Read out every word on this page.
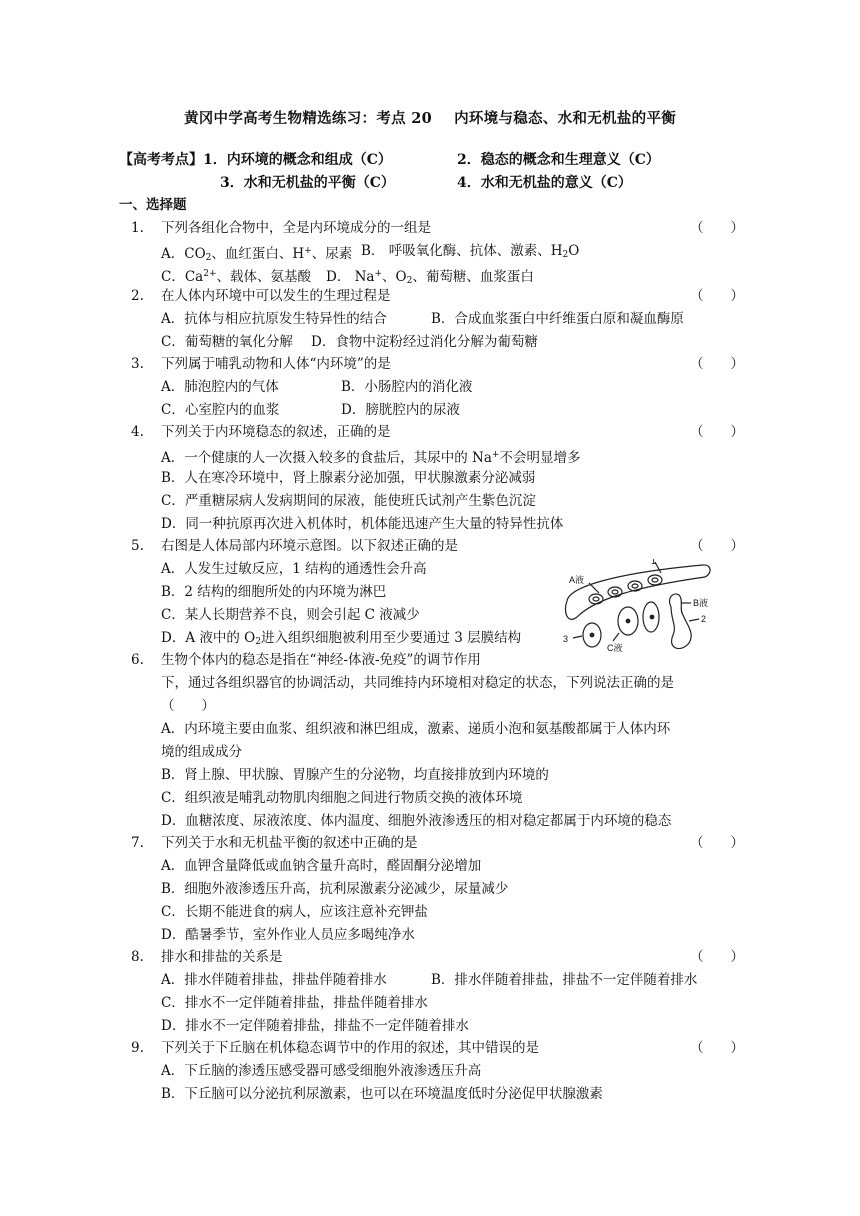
黄冈中学高考生物精选练习：考点 20 内环境与稳态、水和无机盐的平衡
【高考考点】1．内环境的概念和组成（C）	2．稳态的概念和生理意义（C）
3．水和无机盐的平衡（C）	4．水和无机盐的意义（C）
一、选择题
1. 下列各组化合物中，全是内环境成分的一组是	（　　）
A．$CO_2$、血红蛋白、H+、尿素 B． 呼吸氧化酶、抗体、激素、$H_2O$
C．$Ca^{2+}$、载体、氨基酸 D． Na+、$O_2$、葡萄糖、血浆蛋白
2. 在人体内环境中可以发生的生理过程是	（　　）
A．抗体与相应抗原发生特异性的结合	B．合成血浆蛋白中纤维蛋白原和凝血酶原
C．葡萄糖的氧化分解 D．食物中淀粉经过消化分解为葡萄糖
3. 下列属于哺乳动物和人体“内环境”的是	（　　）
A．肺泡腔内的气体	B．小肠腔内的消化液
C．心室腔内的血浆	D．膀胱腔内的尿液
4. 下列关于内环境稳态的叙述，正确的是	（　　）
A．一个健康的人一次摄入较多的食盐后，其尿中的 Na+不会明显增多
B．人在寒冷环境中，肾上腺素分泌加强，甲状腺激素分泌减弱
C．严重糖尿病人发病期间的尿液，能使班氏试剂产生紫色沉淀
D．同一种抗原再次进入机体时，机体能迅速产生大量的特异性抗体
5. 右图是人体局部内环境示意图。以下叙述正确的是	（　　）
A．人发生过敏反应，1 结构的通透性会升高
B．2 结构的细胞所处的内环境为淋巴
C．某人长期营养不良，则会引起 C 液减少
D．A 液中的 $O_2$进入组织细胞被利用至少要通过 3 层膜结构
1
A液
B液
2
3
C液
6. 生物个体内的稳态是指在“神经-体液-免疫”的调节作用
下，通过各组织器官的协调活动，共同维持内环境相对稳定的状态，下列说法正确的是
（　　）
A．内环境主要由血浆、组织液和淋巴组成，激素、递质小泡和氨基酸都属于人体内环
境的组成成分
B．肾上腺、甲状腺、胃腺产生的分泌物，均直接排放到内环境的
C．组织液是哺乳动物肌肉细胞之间进行物质交换的液体环境
D．血糖浓度、尿液浓度、体内温度、细胞外液渗透压的相对稳定都属于内环境的稳态
7. 下列关于水和无机盐平衡的叙述中正确的是	（　　）
A．血钾含量降低或血钠含量升高时，醛固酮分泌增加
B．细胞外液渗透压升高，抗利尿激素分泌减少，尿量减少
C．长期不能进食的病人，应该注意补充钾盐
D．酷暑季节，室外作业人员应多喝纯净水
8. 排水和排盐的关系是	（　　）
A．排水伴随着排盐，排盐伴随着排水	B．排水伴随着排盐，排盐不一定伴随着排水
C．排水不一定伴随着排盐，排盐伴随着排水
D．排水不一定伴随着排盐，排盐不一定伴随着排水
9. 下列关于下丘脑在机体稳态调节中的作用的叙述，其中错误的是	（　　）
A．下丘脑的渗透压感受器可感受细胞外液渗透压升高
B．下丘脑可以分泌抗利尿激素，也可以在环境温度低时分泌促甲状腺激素
